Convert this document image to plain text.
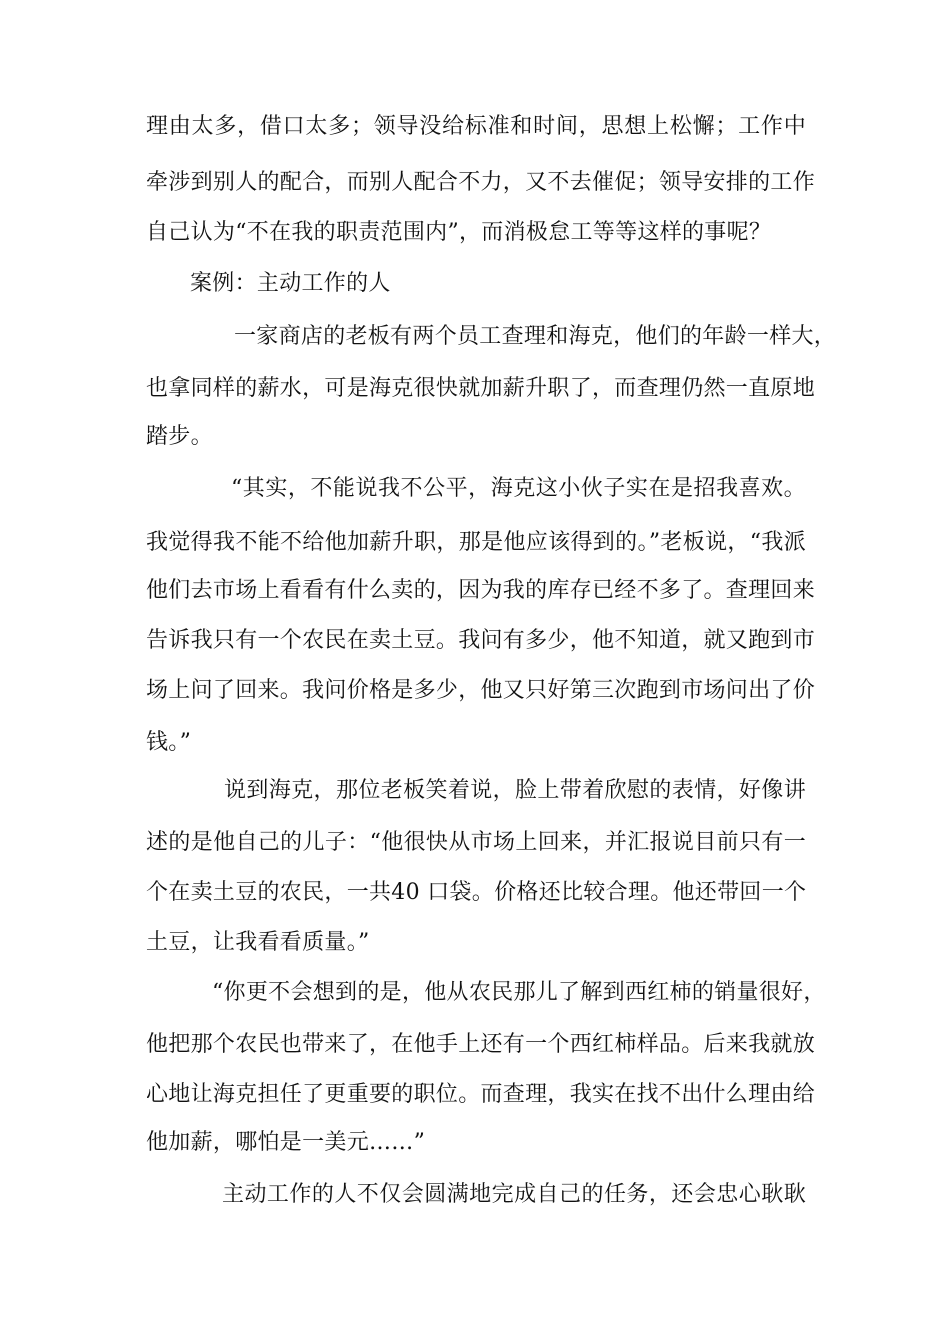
理由太多，借口太多；领导没给标准和时间，思想上松懈；工作中
牵涉到别人的配合，而别人配合不力，又不去催促；领导安排的工作
自己认为“不在我的职责范围内”，而消极怠工等等这样的事呢？
案例：主动工作的人
一家商店的老板有两个员工查理和海克，他们的年龄一样大，
也拿同样的薪水，可是海克很快就加薪升职了，而查理仍然一直原地
踏步。
“其实，不能说我不公平，海克这小伙子实在是招我喜欢。
我觉得我不能不给他加薪升职，那是他应该得到的。”老板说，“我派
他们去市场上看看有什么卖的，因为我的库存已经不多了。查理回来
告诉我只有一个农民在卖土豆。我问有多少，他不知道，就又跑到市
场上问了回来。我问价格是多少，他又只好第三次跑到市场问出了价
钱。”
说到海克，那位老板笑着说，脸上带着欣慰的表情，好像讲
述的是他自己的儿子：“他很快从市场上回来，并汇报说目前只有一
个在卖土豆的农民，一共40 口袋。价格还比较合理。他还带回一个
土豆，让我看看质量。”
“你更不会想到的是，他从农民那儿了解到西红柿的销量很好，
他把那个农民也带来了，在他手上还有一个西红柿样品。后来我就放
心地让海克担任了更重要的职位。而查理，我实在找不出什么理由给
他加薪，哪怕是一美元……”
主动工作的人不仅会圆满地完成自己的任务，还会忠心耿耿
